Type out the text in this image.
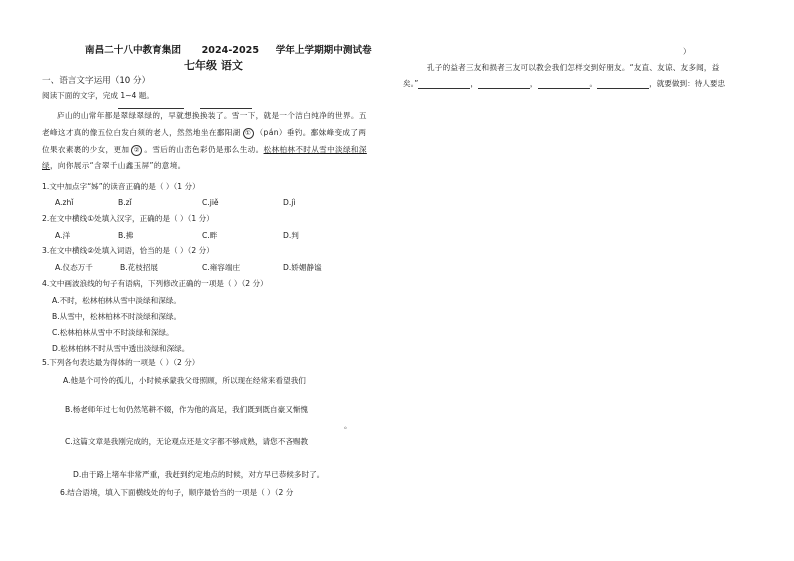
南昌二十八中教育集团 2024-2025 学年上学期期中测试卷
七年级 语文
一、语言文字运用（10 分）
阅读下面的文字，完成 1~4 题。
庐山的山常年都是翠绿翠绿的，早就想换换装了。雪一下，就是一个洁白纯净的世界。五
老峰这才真的像五位白发白须的老人，然然地坐在鄱阳湖 ① （pán）垂钓。鄱妹峰变成了两
位果衣素裹的少女，更加 ② 。雪后的山峦色彩仍是那么生动。松林柏林不时从雪中淡绿和深
绿，向你展示“含翠千山鑫玉屏”的意境。
1.文中加点字“姊”的读音正确的是（ ）（1 分）
A.zhǐ	B.zǐ	C.jiě	D.jì
2.在文中横线①处填入汉字，正确的是（ ）（1 分）
A.洋	B.拂	C.畔	D.判
3.在文中横线②处填入词语，恰当的是（ ）（2 分）
A.仪态万千	B.花枝招展	C.雍容端庄	D.娇媚静谧
4.文中画波浪线的句子有语病，下列修改正确的一项是（ ）（2 分）
A.不时，松林柏林从雪中淡绿和深绿。
B.从雪中，松林柏林不时淡绿和深绿。
C.松林柏林从雪中不时淡绿和深绿。
D.松林柏林不时从雪中透出淡绿和深绿。
5.下列各句表达最为得体的一项是（ ）（2 分）
A.他是个可怜的孤儿，小时候承蒙我父母照顾，所以现在经常来看望我们
B.杨老师年过七旬仍然笔耕不辍，作为他的高足，我们既到既自豪又惭愧
。
C.这篇文章是我刚完成的，无论观点还是文字都不够成熟，请您不吝赐教
D.由于路上堵车非常严重，我赶到约定地点的时候，对方早已恭候多时了。
6.结合语境，填入下面横线处的句子，顺序最恰当的一项是（ ）（2 分
）
孔子的益者三友和损者三友可以教会我们怎样交到好朋友。“友直、友谅、友多闻，益
矣。”	，	，	。	，就要做到：待人要忠
